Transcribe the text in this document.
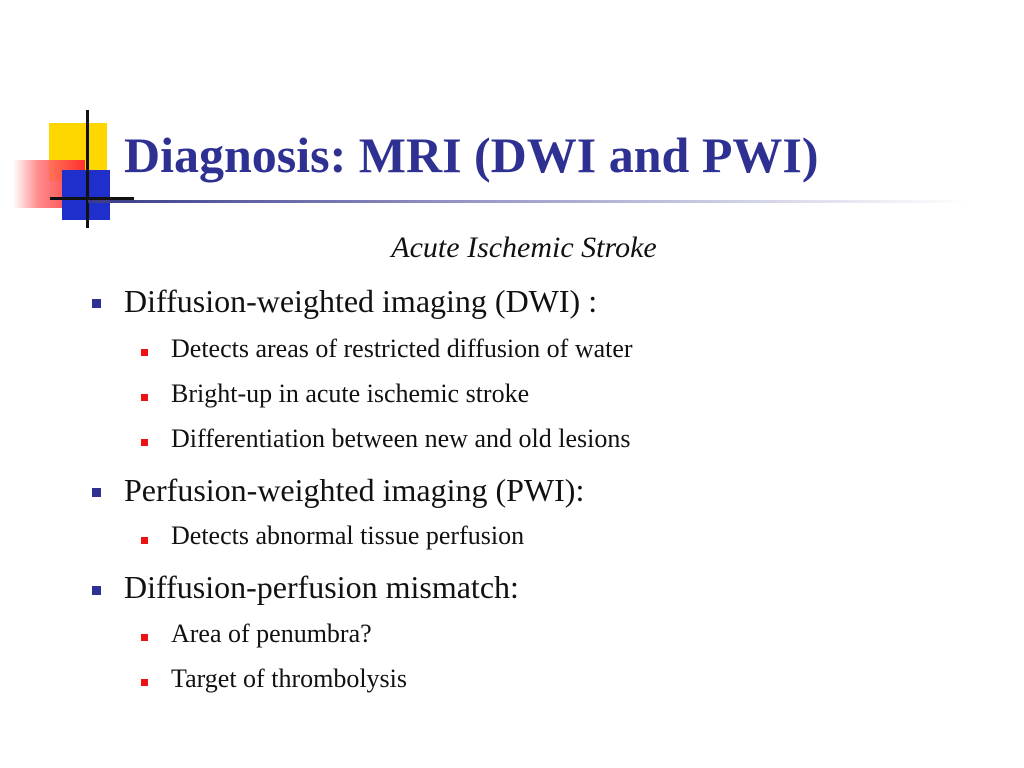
Diagnosis: MRI (DWI and PWI)
Acute Ischemic Stroke
Diffusion-weighted imaging (DWI) :
Detects areas of restricted diffusion of water
Bright-up in acute ischemic stroke
Differentiation between new and old lesions
Perfusion-weighted imaging (PWI):
Detects abnormal tissue perfusion
Diffusion-perfusion mismatch:
Area of penumbra?
Target of thrombolysis
